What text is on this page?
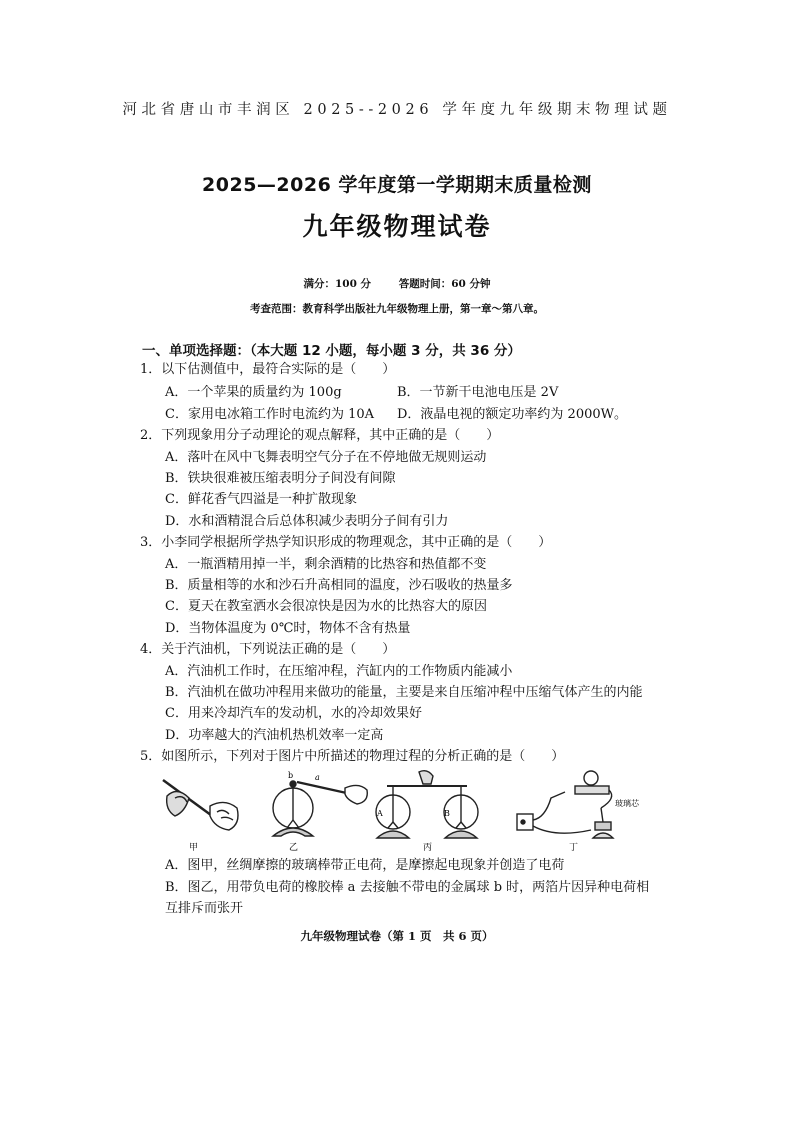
河北省唐山市丰润区 2025--2026 学年度九年级期末物理试题
2025—2026 学年度第一学期期末质量检测
九年级物理试卷
满分：100 分	答题时间：60 分钟
考查范围：教育科学出版社九年级物理上册，第一章～第八章。
一、单项选择题：（本大题 12 小题，每小题 3 分，共 36 分）
1．以下估测值中，最符合实际的是（　　）
A．一个苹果的质量约为 100g	B．一节新干电池电压是 2V
C．家用电冰箱工作时电流约为 10A D．液晶电视的额定功率约为 2000W。
2．下列现象用分子动理论的观点解释，其中正确的是（　　）
A．落叶在风中飞舞表明空气分子在不停地做无规则运动
B．铁块很难被压缩表明分子间没有间隙
C．鲜花香气四溢是一种扩散现象
D．水和酒精混合后总体积减少表明分子间有引力
3．小李同学根据所学热学知识形成的物理观念，其中正确的是（　　）
A．一瓶酒精用掉一半，剩余酒精的比热容和热值都不变
B．质量相等的水和沙石升高相同的温度，沙石吸收的热量多
C．夏天在教室洒水会很凉快是因为水的比热容大的原因
D．当物体温度为 0℃时，物体不含有热量
4．关于汽油机，下列说法正确的是（　　）
A．汽油机工作时，在压缩冲程，汽缸内的工作物质内能减小
B．汽油机在做功冲程用来做功的能量，主要是来自压缩冲程中压缩气体产生的内能
C．用来冷却汽车的发动机，水的冷却效果好
D．功率越大的汽油机热机效率一定高
5．如图所示，下列对于图片中所描述的物理过程的分析正确的是（　　）
甲
b	a
乙
A	B
丙
玻璃芯
丁
A．图甲，丝绸摩擦的玻璃棒带正电荷，是摩擦起电现象并创造了电荷
B．图乙，用带负电荷的橡胶棒 a 去接触不带电的金属球 b 时，两箔片因异种电荷相
互排斥而张开
九年级物理试卷（第 1 页　共 6 页）
